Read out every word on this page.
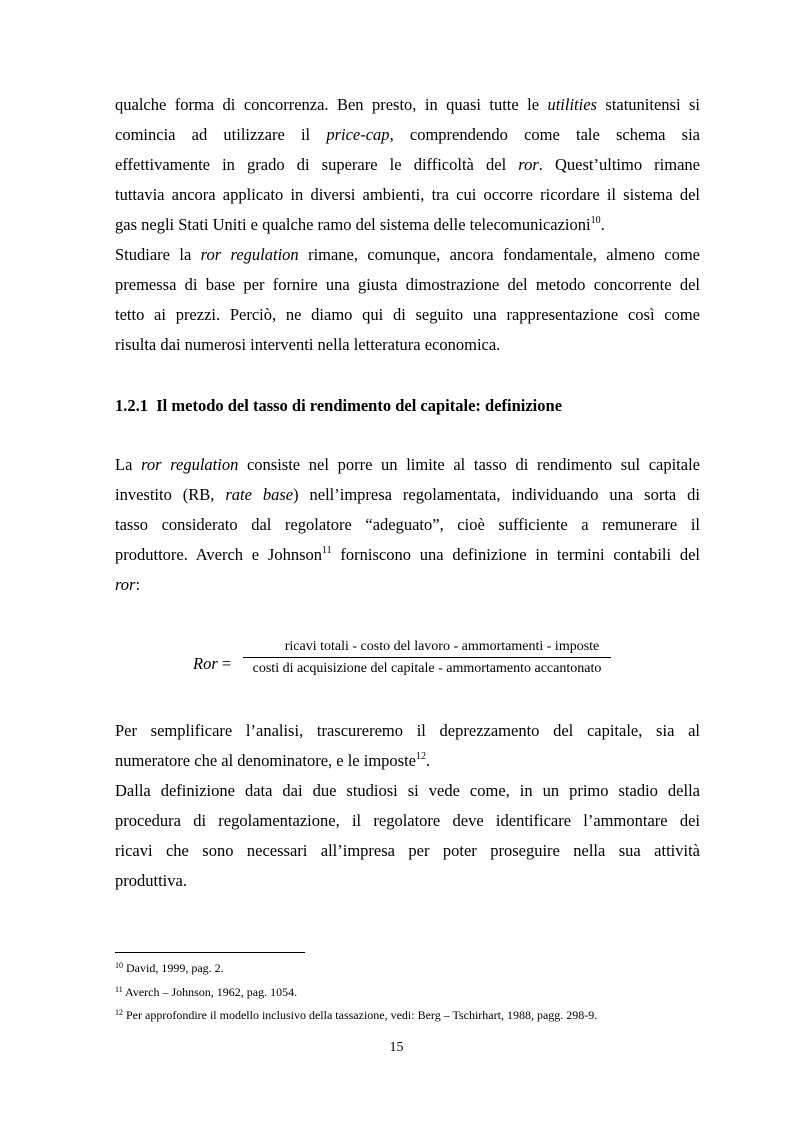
qualche forma di concorrenza. Ben presto, in quasi tutte le utilities statunitensi si
comincia ad utilizzare il price-cap, comprendendo come tale schema sia
effettivamente in grado di superare le difficoltà del ror. Quest’ultimo rimane
tuttavia ancora applicato in diversi ambienti, tra cui occorre ricordare il sistema del
gas negli Stati Uniti e qualche ramo del sistema delle telecomunicazioni$^{10}$.
Studiare la ror regulation rimane, comunque, ancora fondamentale, almeno come
premessa di base per fornire una giusta dimostrazione del metodo concorrente del
tetto ai prezzi. Perciò, ne diamo qui di seguito una rappresentazione così come
risulta dai numerosi interventi nella letteratura economica.
1.2.1 Il metodo del tasso di rendimento del capitale: definizione
La ror regulation consiste nel porre un limite al tasso di rendimento sul capitale
investito (RB, rate base) nell’impresa regolamentata, individuando una sorta di
tasso considerato dal regolatore “adeguato”, cioè sufficiente a remunerare il
produttore. Averch e Johnson$^{11}$ forniscono una definizione in termini contabili del
ror:
Ror =
ricavi totali - costo del lavoro - ammortamenti - imposte
costi di acquisizione del capitale - ammortamento accantonato
Per semplificare l’analisi, trascureremo il deprezzamento del capitale, sia al
numeratore che al denominatore, e le imposte$^{12}$.
Dalla definizione data dai due studiosi si vede come, in un primo stadio della
procedura di regolamentazione, il regolatore deve identificare l’ammontare dei
ricavi che sono necessari all’impresa per poter proseguire nella sua attività
produttiva.

$^{10}$ David, 1999, pag. 2.

$^{11}$ Averch – Johnson, 1962, pag. 1054.

$^{12}$ Per approfondire il modello inclusivo della tassazione, vedi: Berg – Tschirhart, 1988, pagg. 298-9.

15
